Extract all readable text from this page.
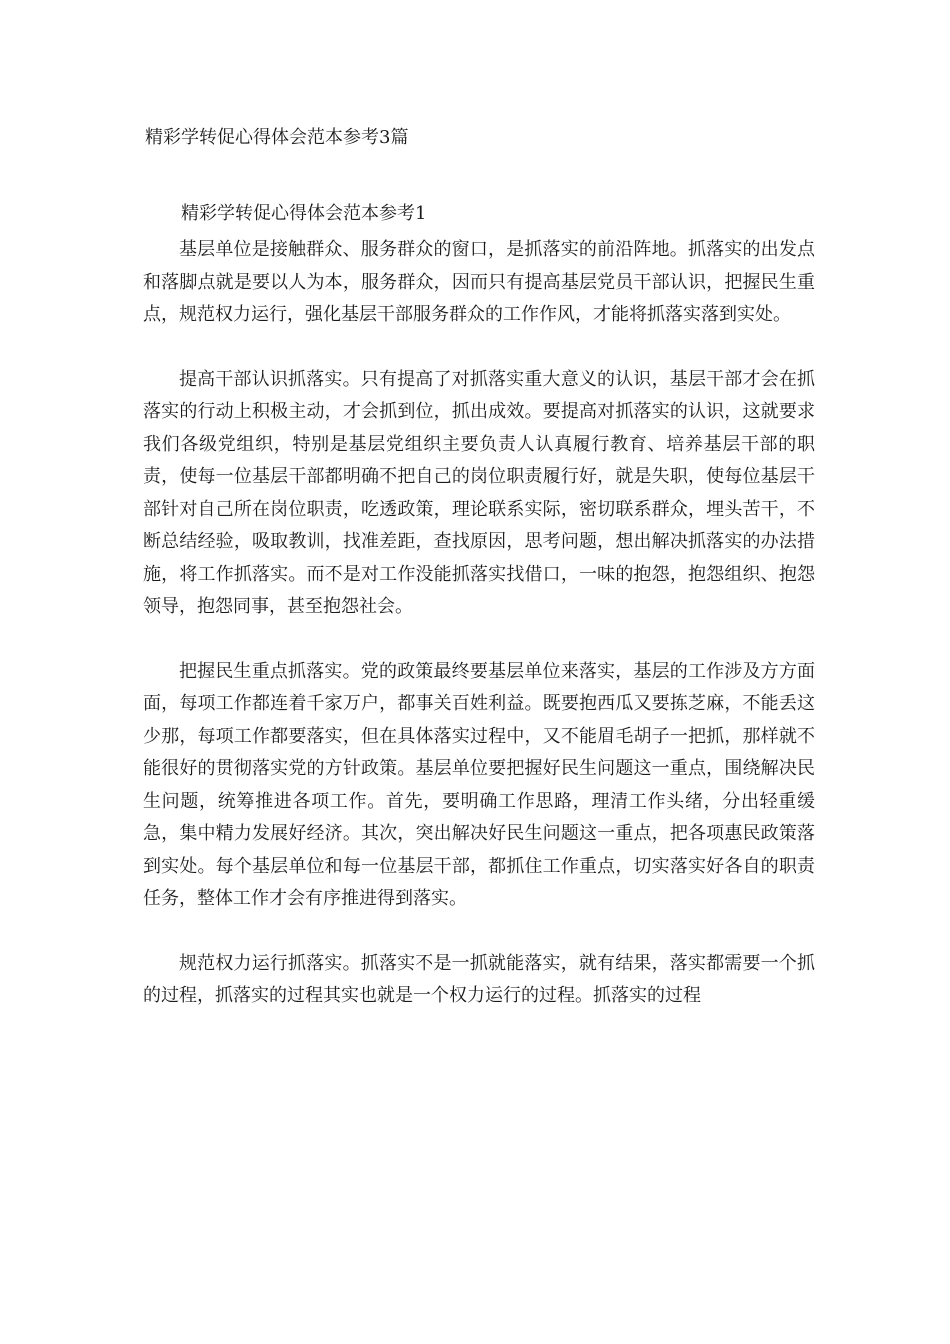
精彩学转促心得体会范本参考3篇

精彩学转促心得体会范本参考1

基层单位是接触群众、服务群众的窗口，是抓落实的前沿阵地。抓落实的出发点和落脚点就是要以人为本，服务群众，因而只有提高基层党员干部认识，把握民生重点，规范权力运行，强化基层干部服务群众的工作作风，才能将抓落实落到实处。

提高干部认识抓落实。只有提高了对抓落实重大意义的认识，基层干部才会在抓落实的行动上积极主动，才会抓到位，抓出成效。要提高对抓落实的认识，这就要求我们各级党组织，特别是基层党组织主要负责人认真履行教育、培养基层干部的职责，使每一位基层干部都明确不把自己的岗位职责履行好，就是失职，使每位基层干部针对自己所在岗位职责，吃透政策，理论联系实际，密切联系群众，埋头苦干，不断总结经验，吸取教训，找准差距，查找原因，思考问题，想出解决抓落实的办法措施，将工作抓落实。而不是对工作没能抓落实找借口，一味的抱怨，抱怨组织、抱怨领导，抱怨同事，甚至抱怨社会。

把握民生重点抓落实。党的政策最终要基层单位来落实，基层的工作涉及方方面面，每项工作都连着千家万户，都事关百姓利益。既要抱西瓜又要拣芝麻，不能丢这少那，每项工作都要落实，但在具体落实过程中，又不能眉毛胡子一把抓，那样就不能很好的贯彻落实党的方针政策。基层单位要把握好民生问题这一重点，围绕解决民生问题，统筹推进各项工作。首先，要明确工作思路，理清工作头绪，分出轻重缓急，集中精力发展好经济。其次，突出解决好民生问题这一重点，把各项惠民政策落到实处。每个基层单位和每一位基层干部，都抓住工作重点，切实落实好各自的职责任务，整体工作才会有序推进得到落实。

规范权力运行抓落实。抓落实不是一抓就能落实，就有结果，落实都需要一个抓的过程，抓落实的过程其实也就是一个权力运行的过程。抓落实的过程
